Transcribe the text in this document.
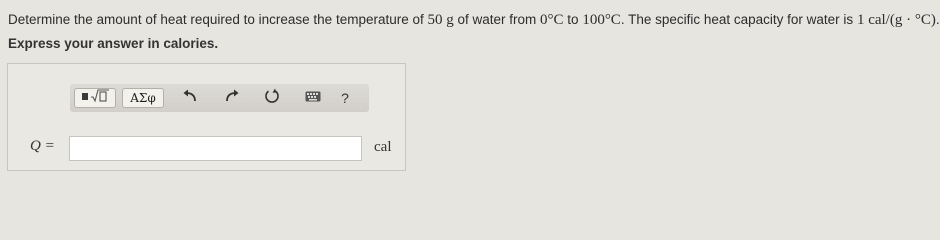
Determine the amount of heat required to increase the temperature of 50 g of water from 0°C to 100°C. The specific heat capacity for water is 1 cal/(g · °C).
Express your answer in calories.
ΑΣφ	?
Q =	cal
